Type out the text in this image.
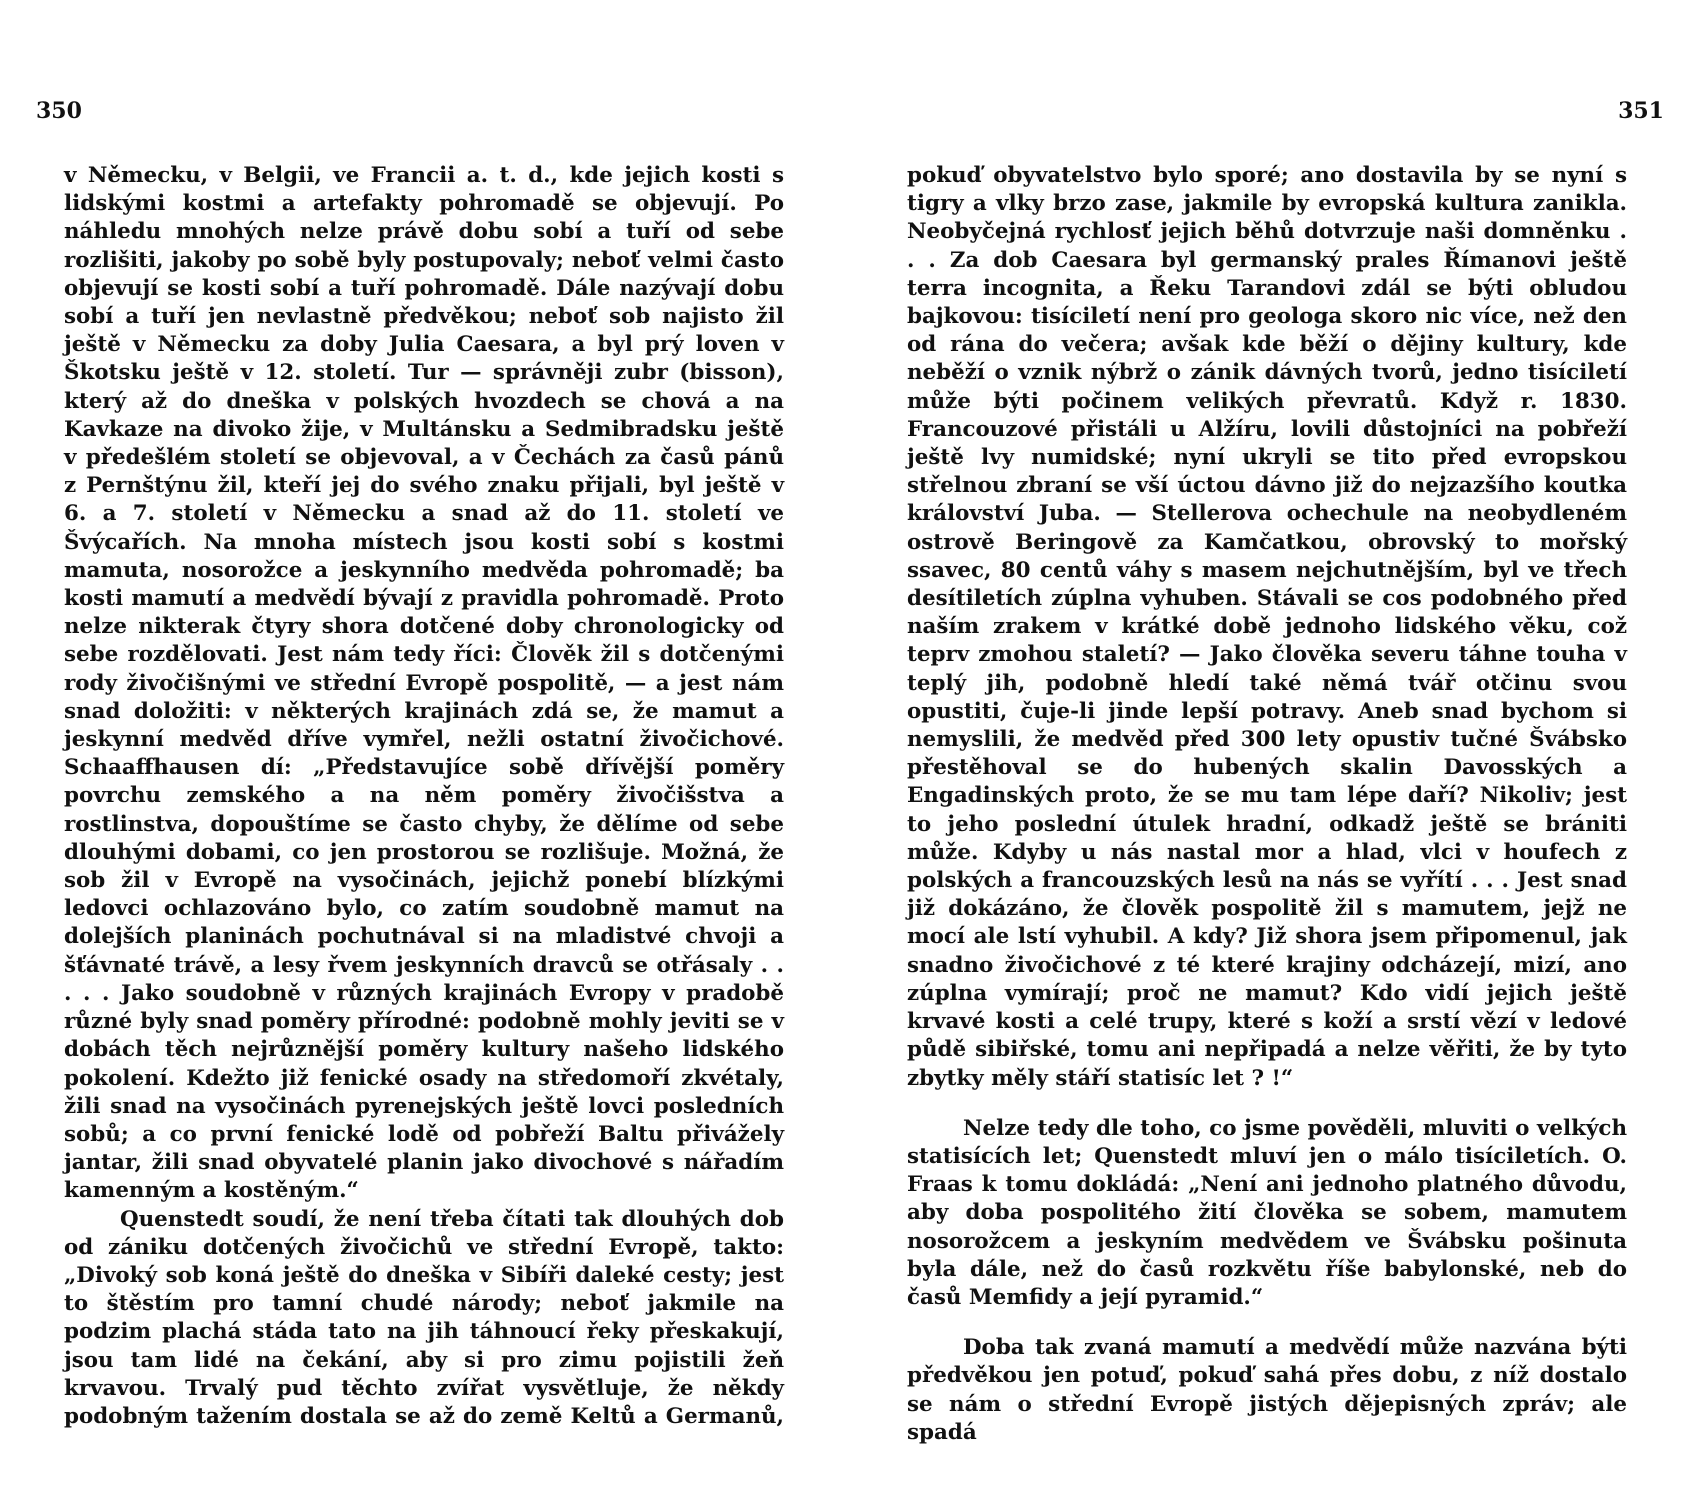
350

v Německu, v Belgii, ve Francii a. t. d., kde jejich kosti s lidskými kostmi a artefakty pohromadě se objevují. Po náhledu mnohých nelze právě dobu sobí a tuří od sebe rozlišiti, jakoby po sobě byly postupovaly; neboť velmi často objevují se kosti sobí a tuří pohromadě. Dále nazývají dobu sobí a tuří jen nevlastně předvěkou; neboť sob najisto žil ještě v Německu za doby Julia Caesara, a byl prý loven v Škotsku ještě v 12. století. Tur — správněji zubr (bisson), který až do dneška v polských hvozdech se chová a na Kavkaze na divoko žije, v Multánsku a Sedmibradsku ještě v předešlém století se objevoval, a v Čechách za časů pánů z Pernštýnu žil, kteří jej do svého znaku přijali, byl ještě v 6. a 7. století v Německu a snad až do 11. století ve Švýcařích. Na mnoha místech jsou kosti sobí s kostmi mamuta, nosorožce a jeskynního medvěda pohromadě; ba kosti mamutí a medvědí bývají z pravidla pohromadě. Proto nelze nikterak čtyry shora dotčené doby chronologicky od sebe rozdělovati. Jest nám tedy říci: Člověk žil s dotčenými rody živočišnými ve střední Evropě pospolitě, — a jest nám snad doložiti: v některých krajinách zdá se, že mamut a jeskynní medvěd dříve vymřel, nežli ostatní živočichové. Schaaffhausen dí: „Představujíce sobě dřívější poměry povrchu zemského a na něm poměry živočišstva a rostlinstva, dopouštíme se často chyby, že dělíme od sebe dlouhými dobami, co jen prostorou se rozlišuje. Možná, že sob žil v Evropě na vysočinách, jejichž ponebí blízkými ledovci ochlazováno bylo, co zatím soudobně mamut na dolejších planinách pochutnával si na mladistvé chvoji a šťávnaté trávě, a lesy řvem jeskynních dravců se otřásaly . . . . . Jako soudobně v různých krajinách Evropy v pradobě různé byly snad poměry přírodné: podobně mohly jeviti se v dobách těch nejrůznější poměry kultury našeho lidského pokolení. Kdežto již fenické osady na středomoří zkvétaly, žili snad na vysočinách pyrenejských ještě lovci posledních sobů; a co první fenické lodě od pobřeží Baltu přivážely jantar, žili snad obyvatelé planin jako divochové s nářadím kamenným a kostěným.“

Quenstedt soudí, že není třeba čítati tak dlouhých dob od zániku dotčených živočichů ve střední Evropě, takto: „Divoký sob koná ještě do dneška v Sibíři daleké cesty; jest to štěstím pro tamní chudé národy; neboť jakmile na podzim plachá stáda tato na jih táhnoucí řeky přeskakují, jsou tam lidé na čekání, aby si pro zimu pojistili žeň krvavou. Trvalý pud těchto zvířat vysvětluje, že někdy podobným tažením dostala se až do země Keltů a Germanů,

351

pokuď obyvatelstvo bylo sporé; ano dostavila by se nyní s tigry a vlky brzo zase, jakmile by evropská kultura zanikla. Neobyčejná rychlosť jejich běhů dotvrzuje naši domněnku . . . Za dob Caesara byl germanský prales Římanovi ještě terra incognita, a Řeku Tarandovi zdál se býti obludou bajkovou: tisíciletí není pro geologa skoro nic více, než den od rána do večera; avšak kde běží o dějiny kultury, kde neběží o vznik nýbrž o zánik dávných tvorů, jedno tisíciletí může býti počinem velikých převratů. Když r. 1830. Francouzové přistáli u Alžíru, lovili důstojníci na pobřeží ještě lvy numidské; nyní ukryli se tito před evropskou střelnou zbraní se vší úctou dávno již do nejzazšího koutka království Juba. — Stellerova ochechule na neobydleném ostrově Beringově za Kamčatkou, obrovský to mořský ssavec, 80 centů váhy s masem nejchutnějším, byl ve třech desítiletích zúplna vyhuben. Stávali se cos podobného před naším zrakem v krátké době jednoho lidského věku, což teprv zmohou staletí? — Jako člověka severu táhne touha v teplý jih, podobně hledí také němá tvář otčinu svou opustiti, čuje-li jinde lepší potravy. Aneb snad bychom si nemyslili, že medvěd před 300 lety opustiv tučné Švábsko přestěhoval se do hubených skalin Davosských a Engadinských proto, že se mu tam lépe daří? Nikoliv; jest to jeho poslední útulek hradní, odkadž ještě se brániti může. Kdyby u nás nastal mor a hlad, vlci v houfech z polských a francouzských lesů na nás se vyřítí . . . Jest snad již dokázáno, že člověk pospolitě žil s mamutem, jejž ne mocí ale lstí vyhubil. A kdy? Již shora jsem připomenul, jak snadno živočichové z té které krajiny odcházejí, mizí, ano zúplna vymírají; proč ne mamut? Kdo vidí jejich ještě krvavé kosti a celé trupy, které s koží a srstí vězí v ledové půdě sibiřské, tomu ani nepřipadá a nelze věřiti, že by tyto zbytky měly stáří statisíc let ? !“

Nelze tedy dle toho, co jsme pověděli, mluviti o velkých statisících let; Quenstedt mluví jen o málo tisíciletích. O. Fraas k tomu dokládá: „Není ani jednoho platného důvodu, aby doba pospolitého žití člověka se sobem, mamutem nosorožcem a jeskyním medvědem ve Švábsku pošinuta byla dále, než do časů rozkvětu říše babylonské, neb do časů Memfidy a její pyramid.“

Doba tak zvaná mamutí a medvědí může nazvána býti předvěkou jen potuď, pokuď sahá přes dobu, z níž dostalo se nám o střední Evropě jistých dějepisných zpráv; ale spadá
